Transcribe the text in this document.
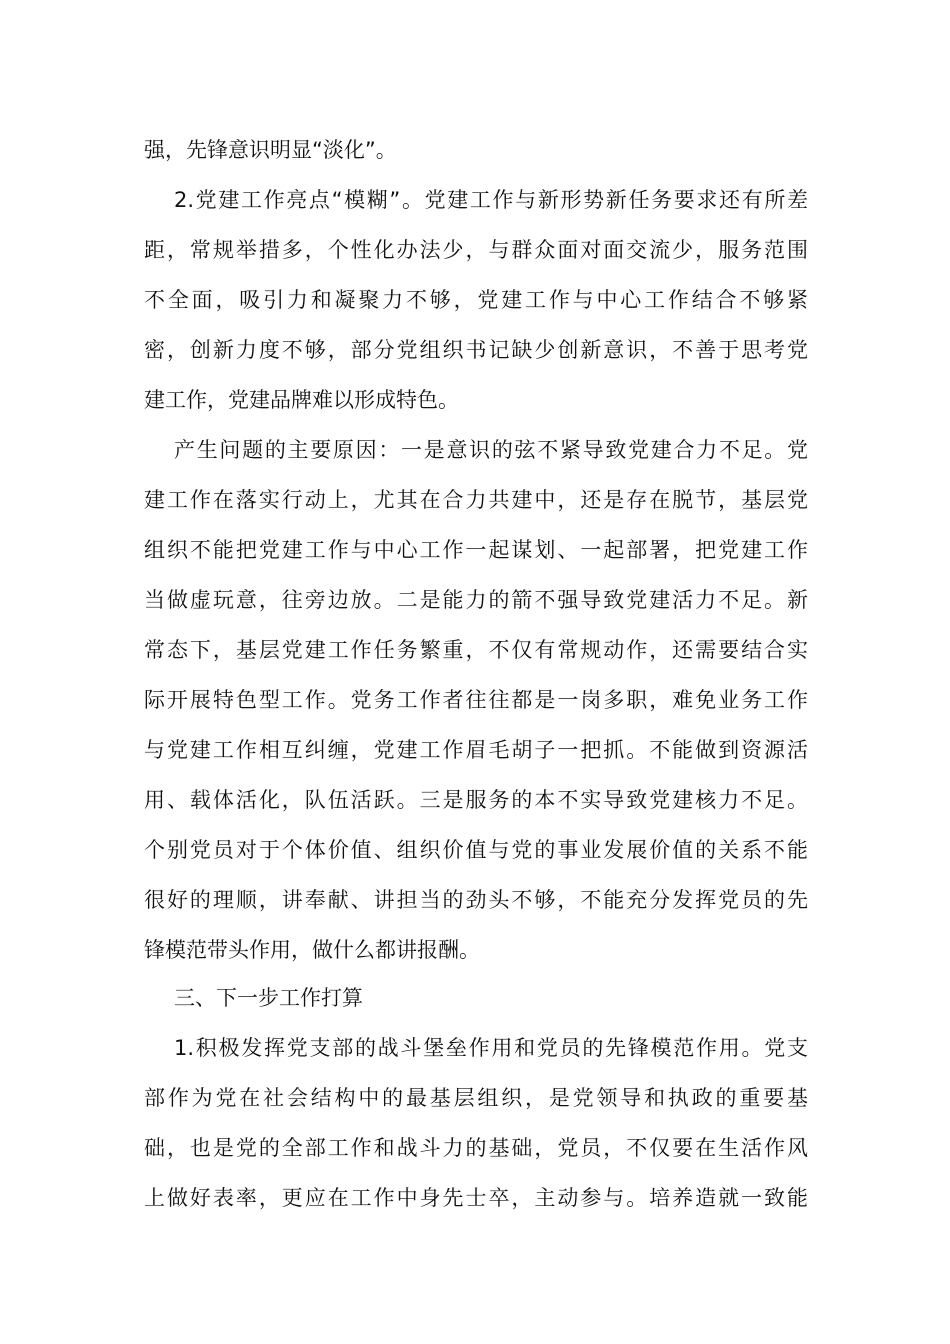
强，先锋意识明显“淡化”。
2.党建工作亮点“模糊”。党建工作与新形势新任务要求还有所差
距，常规举措多，个性化办法少，与群众面对面交流少，服务范围
不全面，吸引力和凝聚力不够，党建工作与中心工作结合不够紧
密，创新力度不够，部分党组织书记缺少创新意识，不善于思考党
建工作，党建品牌难以形成特色。
产生问题的主要原因：一是意识的弦不紧导致党建合力不足。党
建工作在落实行动上，尤其在合力共建中，还是存在脱节，基层党
组织不能把党建工作与中心工作一起谋划、一起部署，把党建工作
当做虚玩意，往旁边放。二是能力的箭不强导致党建活力不足。新
常态下，基层党建工作任务繁重，不仅有常规动作，还需要结合实
际开展特色型工作。党务工作者往往都是一岗多职，难免业务工作
与党建工作相互纠缠，党建工作眉毛胡子一把抓。不能做到资源活
用、载体活化，队伍活跃。三是服务的本不实导致党建核力不足。
个别党员对于个体价值、组织价值与党的事业发展价值的关系不能
很好的理顺，讲奉献、讲担当的劲头不够，不能充分发挥党员的先
锋模范带头作用，做什么都讲报酬。
三、下一步工作打算
1.积极发挥党支部的战斗堡垒作用和党员的先锋模范作用。党支
部作为党在社会结构中的最基层组织，是党领导和执政的重要基
础，也是党的全部工作和战斗力的基础，党员，不仅要在生活作风
上做好表率，更应在工作中身先士卒，主动参与。培养造就一致能
